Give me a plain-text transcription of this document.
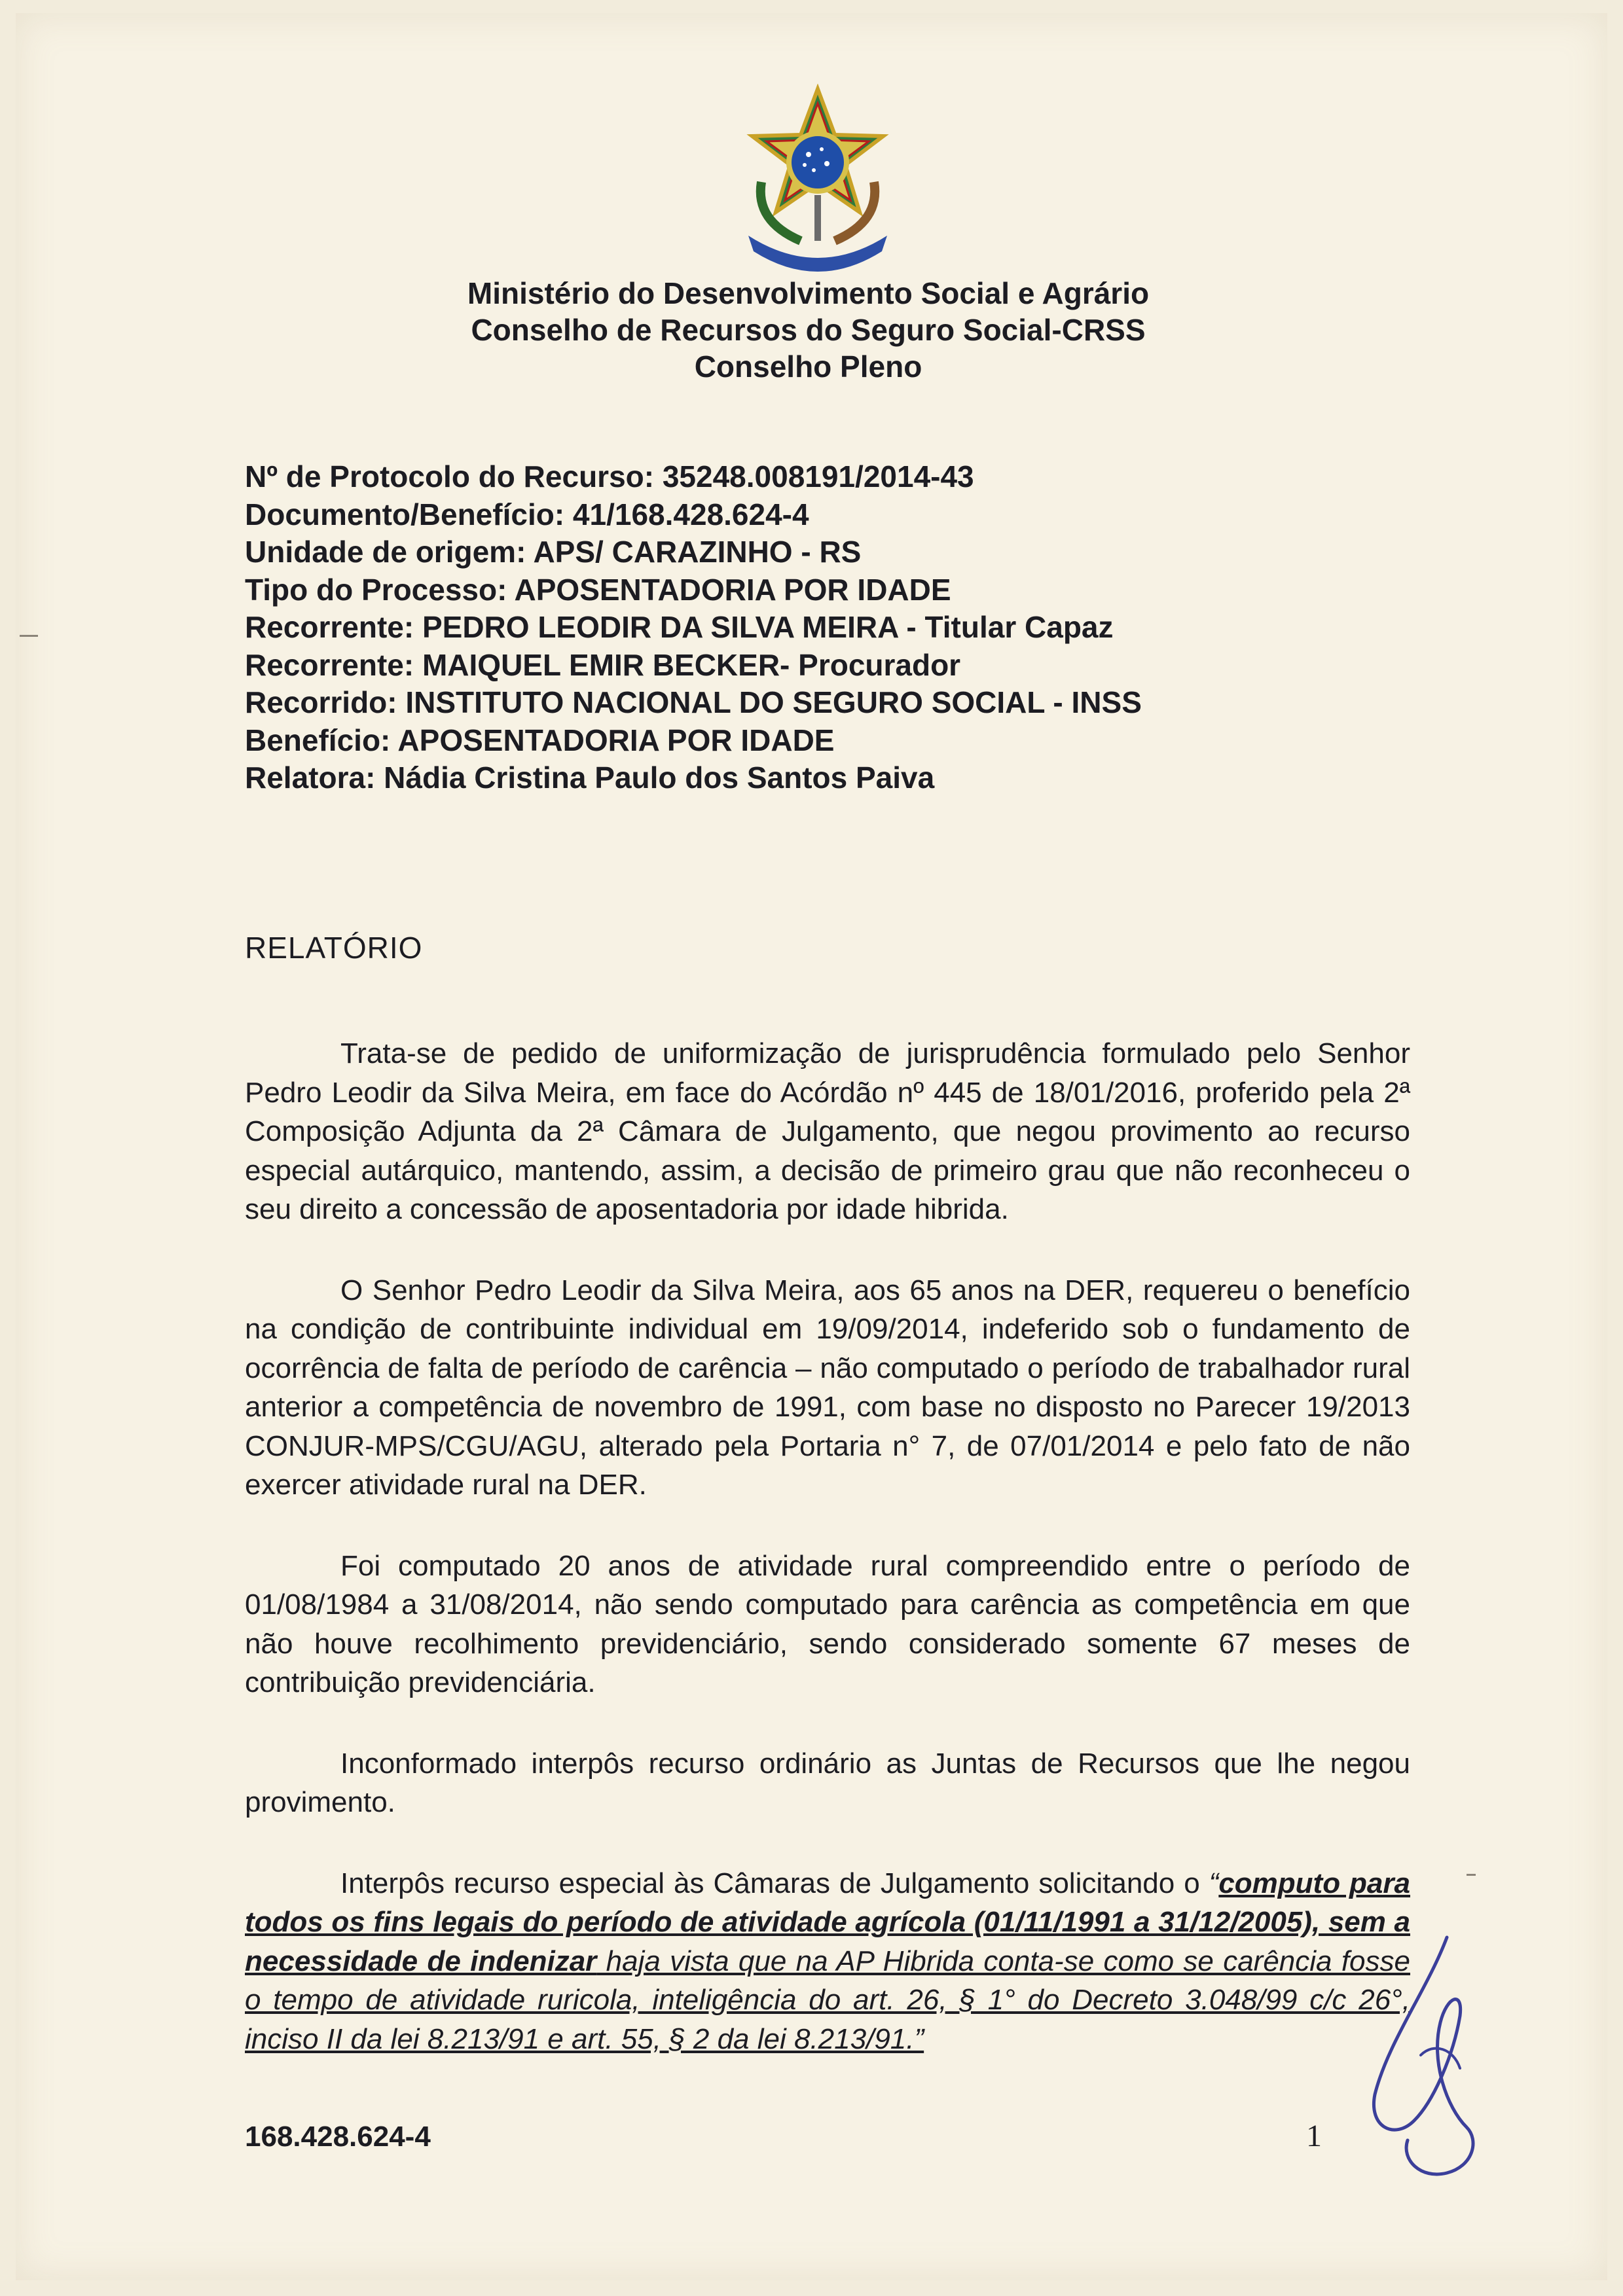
Ministério do Desenvolvimento Social e Agrário
Conselho de Recursos do Seguro Social-CRSS
Conselho Pleno
Nº de Protocolo do Recurso: 35248.008191/2014-43
Documento/Benefício: 41/168.428.624-4
Unidade de origem: APS/ CARAZINHO - RS
Tipo do Processo: APOSENTADORIA POR IDADE
Recorrente: PEDRO LEODIR DA SILVA MEIRA - Titular Capaz
Recorrente: MAIQUEL EMIR BECKER- Procurador
Recorrido: INSTITUTO NACIONAL DO SEGURO SOCIAL - INSS
Benefício: APOSENTADORIA POR IDADE
Relatora: Nádia Cristina Paulo dos Santos Paiva
RELATÓRIO

Trata-se de pedido de uniformização de jurisprudência formulado pelo Senhor Pedro Leodir da Silva Meira, em face do Acórdão nº 445 de 18/01/2016, proferido pela 2ª Composição Adjunta da 2ª Câmara de Julgamento, que negou provimento ao recurso especial autárquico, mantendo, assim, a decisão de primeiro grau que não reconheceu o seu direito a concessão de aposentadoria por idade hibrida.

O Senhor Pedro Leodir da Silva Meira, aos 65 anos na DER, requereu o benefício na condição de contribuinte individual em 19/09/2014, indeferido sob o fundamento de ocorrência de falta de período de carência – não computado o período de trabalhador rural anterior a competência de novembro de 1991, com base no disposto no Parecer 19/2013 CONJUR-MPS/CGU/AGU, alterado pela Portaria n° 7, de 07/01/2014 e pelo fato de não exercer atividade rural na DER.

Foi computado 20 anos de atividade rural compreendido entre o período de 01/08/1984 a 31/08/2014, não sendo computado para carência as competência em que não houve recolhimento previdenciário, sendo considerado somente 67 meses de contribuição previdenciária.

Inconformado interpôs recurso ordinário as Juntas de Recursos que lhe negou provimento.

Interpôs recurso especial às Câmaras de Julgamento solicitando o “computo para todos os fins legais do período de atividade agrícola (01/11/1991 a 31/12/2005), sem a necessidade de indenizar haja vista que na AP Hibrida conta-se como se carência fosse o tempo de atividade ruricola, inteligência do art. 26, § 1° do Decreto 3.048/99 c/c 26°, inciso II da lei 8.213/91 e art. 55, § 2 da lei 8.213/91.”

168.428.624-4	1
